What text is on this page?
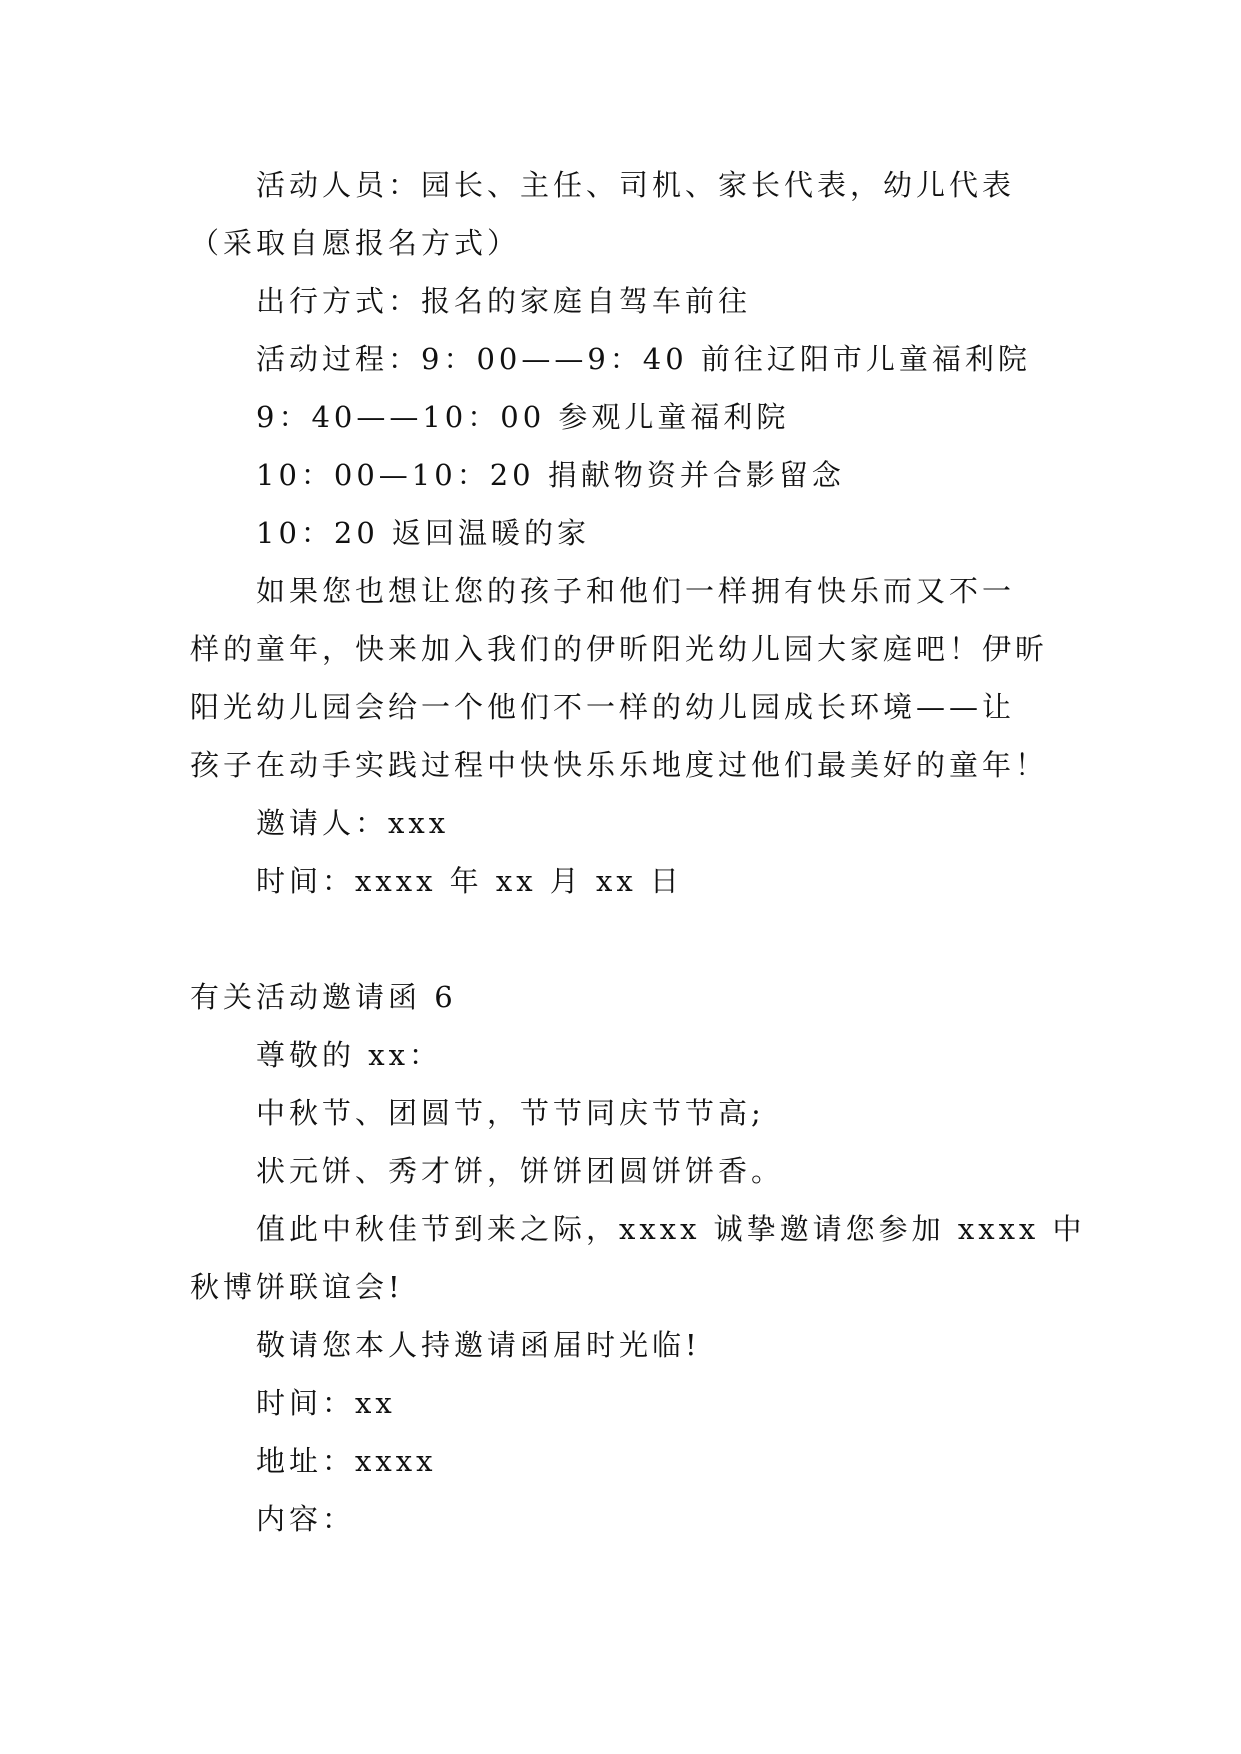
活动人员：园长、主任、司机、家长代表，幼儿代表
（采取自愿报名方式）
出行方式：报名的家庭自驾车前往
活动过程：9：00——9：40 前往辽阳市儿童福利院
9：40——10：00 参观儿童福利院
10：00—10：20 捐献物资并合影留念
10：20 返回温暖的家
如果您也想让您的孩子和他们一样拥有快乐而又不一
样的童年，快来加入我们的伊昕阳光幼儿园大家庭吧！伊昕
阳光幼儿园会给一个他们不一样的幼儿园成长环境——让
孩子在动手实践过程中快快乐乐地度过他们最美好的童年！
邀请人：xxx
时间：xxxx 年 xx 月 xx 日
有关活动邀请函 6
尊敬的 xx：
中秋节、团圆节，节节同庆节节高;
状元饼、秀才饼，饼饼团圆饼饼香。
值此中秋佳节到来之际，xxxx 诚挚邀请您参加 xxxx 中
秋博饼联谊会!
敬请您本人持邀请函届时光临!
时间：xx
地址：xxxx
内容：
